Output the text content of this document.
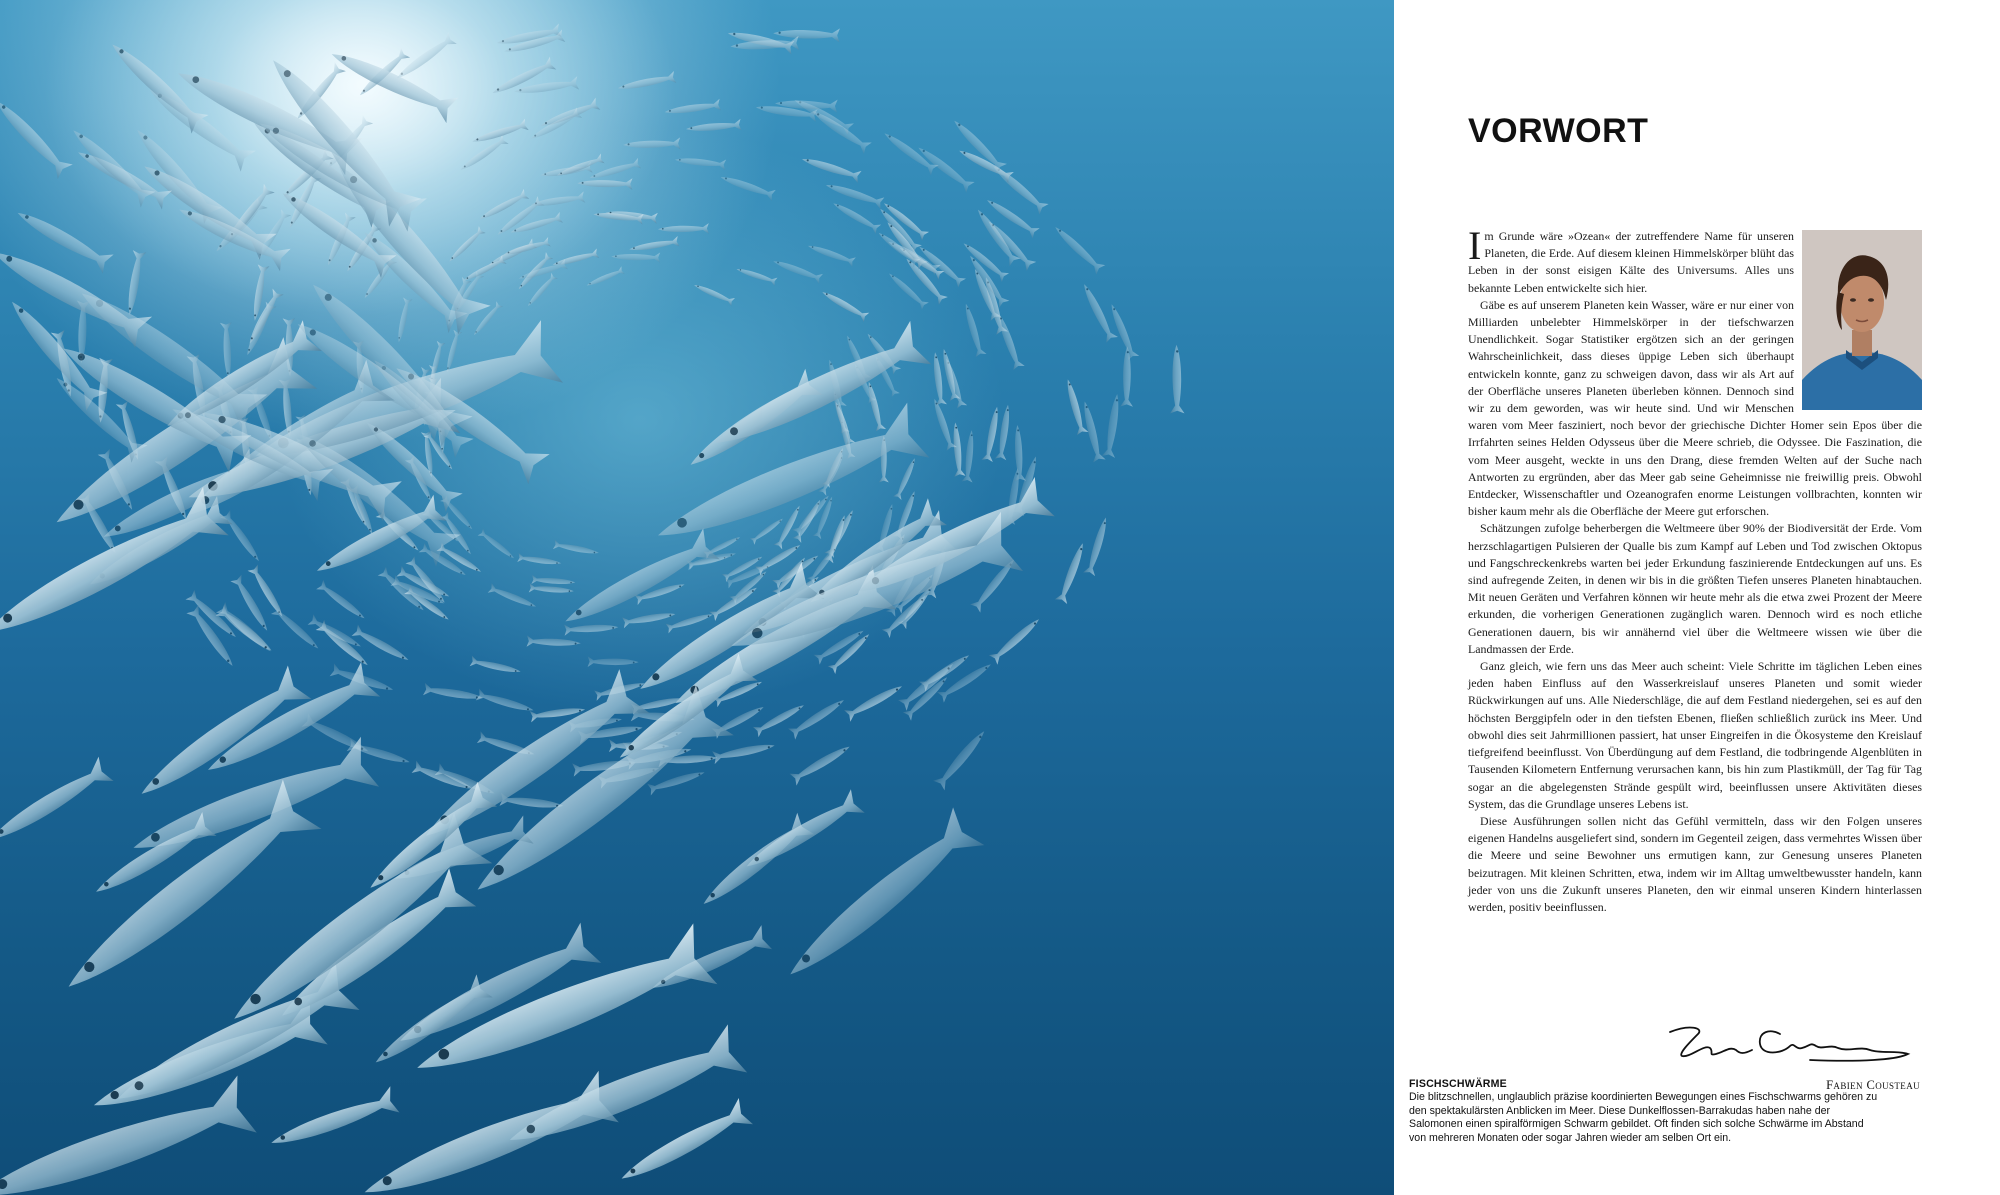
FISCHSCHWÄRME
Die blitzschnellen, unglaublich präzise koordinierten Bewegungen eines Fischschwarms gehören zu den spektakulärsten Anblicken im Meer. Diese Dunkelflossen-Barrakudas haben nahe der Salomonen einen spiralförmigen Schwarm gebildet. Oft finden sich solche Schwärme im Abstand von mehreren Monaten oder sogar Jahren wieder am selben Ort ein.
VORWORT

Im Grunde wäre »Ozean« der zutreffendere Name für unseren Planeten, die Erde. Auf diesem kleinen Himmelskörper blüht das Leben in der sonst eisigen Kälte des Universums. Alles uns bekannte Leben entwickelte sich hier.

Gäbe es auf unserem Planeten kein Wasser, wäre er nur einer von Milliarden unbelebter Himmelskörper in der tiefschwarzen Unendlichkeit. Sogar Statistiker ergötzen sich an der geringen Wahrscheinlichkeit, dass dieses üppige Leben sich überhaupt entwickeln konnte, ganz zu schweigen davon, dass wir als Art auf der Oberfläche unseres Planeten überleben können. Dennoch sind wir zu dem geworden, was wir heute sind. Und wir Menschen waren vom Meer fasziniert, noch bevor der griechische Dichter Homer sein Epos über die Irrfahrten seines Helden Odysseus über die Meere schrieb, die Odyssee. Die Faszination, die vom Meer ausgeht, weckte in uns den Drang, diese fremden Welten auf der Suche nach Antworten zu ergründen, aber das Meer gab seine Geheimnisse nie freiwillig preis. Obwohl Entdecker, Wissenschaftler und Ozeanografen enorme Leistungen vollbrachten, konnten wir bisher kaum mehr als die Oberfläche der Meere gut erforschen.

Schätzungen zufolge beherbergen die Weltmeere über 90% der Biodiversität der Erde. Vom herzschlagartigen Pulsieren der Qualle bis zum Kampf auf Leben und Tod zwischen Oktopus und Fangschreckenkrebs warten bei jeder Erkundung faszinierende Entdeckungen auf uns. Es sind aufregende Zeiten, in denen wir bis in die größten Tiefen unseres Planeten hinabtauchen. Mit neuen Geräten und Verfahren können wir heute mehr als die etwa zwei Prozent der Meere erkunden, die vorherigen Generationen zugänglich waren. Dennoch wird es noch etliche Generationen dauern, bis wir annähernd viel über die Weltmeere wissen wie über die Landmassen der Erde.

Ganz gleich, wie fern uns das Meer auch scheint: Viele Schritte im täglichen Leben eines jeden haben Einfluss auf den Wasserkreislauf unseres Planeten und somit wieder Rückwirkungen auf uns. Alle Niederschläge, die auf dem Festland niedergehen, sei es auf den höchsten Berggipfeln oder in den tiefsten Ebenen, fließen schließlich zurück ins Meer. Und obwohl dies seit Jahrmillionen passiert, hat unser Eingreifen in die Ökosysteme den Kreislauf tiefgreifend beeinflusst. Von Überdüngung auf dem Festland, die todbringende Algenblüten in Tausenden Kilometern Entfernung verursachen kann, bis hin zum Plastikmüll, der Tag für Tag sogar an die abgelegensten Strände gespült wird, beeinflussen unsere Aktivitäten dieses System, das die Grundlage unseres Lebens ist.

Diese Ausführungen sollen nicht das Gefühl vermitteln, dass wir den Folgen unseres eigenen Handelns ausgeliefert sind, sondern im Gegenteil zeigen, dass vermehrtes Wissen über die Meere und seine Bewohner uns ermutigen kann, zur Genesung unseres Planeten beizutragen. Mit kleinen Schritten, etwa, indem wir im Alltag umweltbewusster handeln, kann jeder von uns die Zukunft unseres Planeten, den wir einmal unseren Kindern hinterlassen werden, positiv beeinflussen.

Fabien Cousteau
